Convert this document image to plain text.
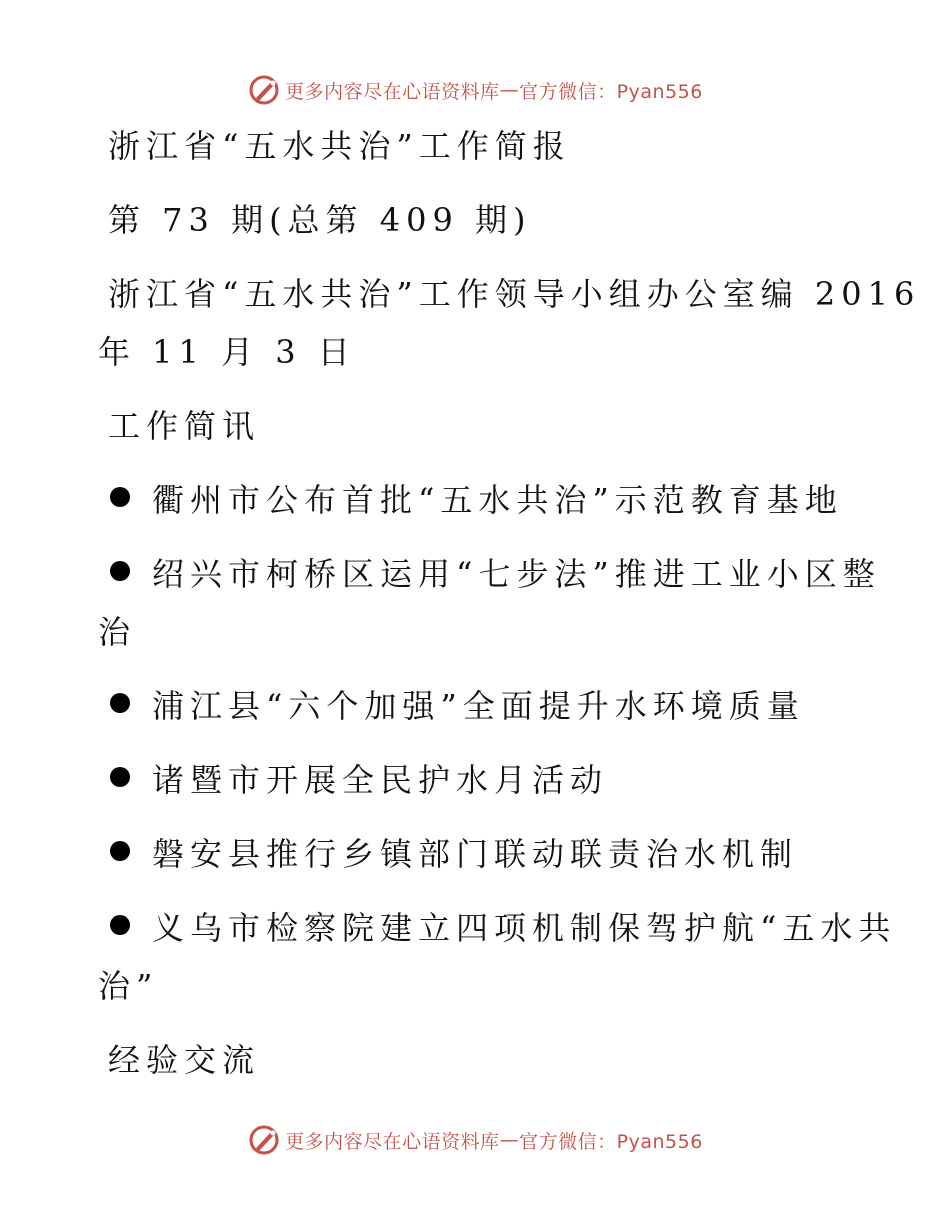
更多内容尽在心语资料库 — 官方微信：Pyan556
浙江省“五水共治”工作简报
第 73 期(总第 409 期)
浙江省“五水共治”工作领导小组办公室编 2016
年 11 月 3 日
工作简讯
衢州市公布首批“五水共治”示范教育基地
绍兴市柯桥区运用“七步法”推进工业小区整
治
浦江县“六个加强”全面提升水环境质量
诸暨市开展全民护水月活动
磐安县推行乡镇部门联动联责治水机制
义乌市检察院建立四项机制保驾护航“五水共
治”
经验交流
更多内容尽在心语资料库 — 官方微信：Pyan556
